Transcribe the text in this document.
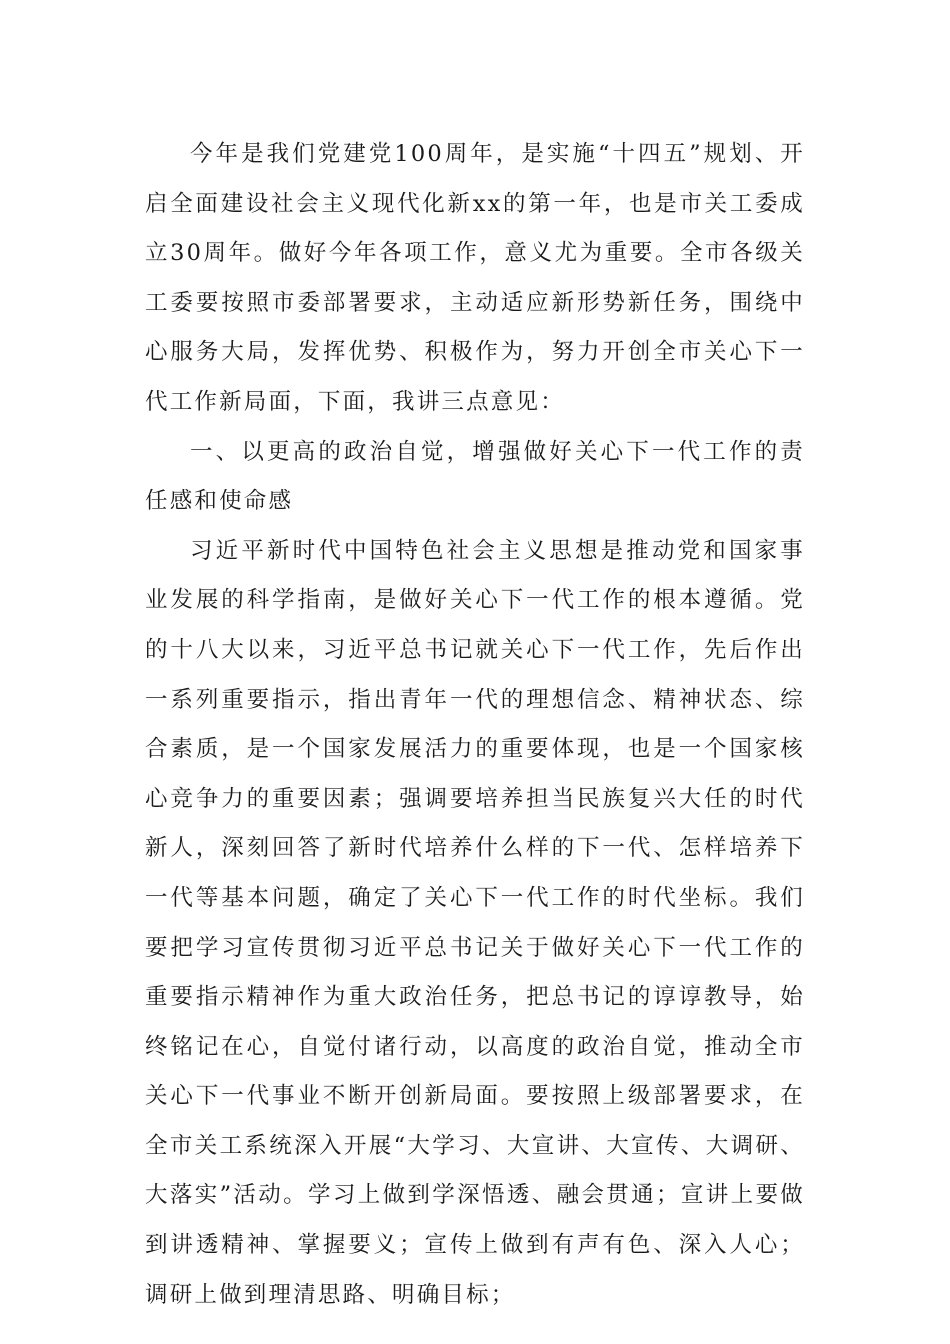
今年是我们党建党100周年，是实施“十四五”规划、开启全面建设社会主义现代化新xx的第一年，也是市关工委成立30周年。做好今年各项工作，意义尤为重要。全市各级关工委要按照市委部署要求，主动适应新形势新任务，围绕中心服务大局，发挥优势、积极作为，努力开创全市关心下一代工作新局面，下面，我讲三点意见：

一、以更高的政治自觉，增强做好关心下一代工作的责任感和使命感

习近平新时代中国特色社会主义思想是推动党和国家事业发展的科学指南，是做好关心下一代工作的根本遵循。党的十八大以来，习近平总书记就关心下一代工作，先后作出一系列重要指示，指出青年一代的理想信念、精神状态、综合素质，是一个国家发展活力的重要体现，也是一个国家核心竞争力的重要因素；强调要培养担当民族复兴大任的时代新人，深刻回答了新时代培养什么样的下一代、怎样培养下一代等基本问题，确定了关心下一代工作的时代坐标。我们要把学习宣传贯彻习近平总书记关于做好关心下一代工作的重要指示精神作为重大政治任务，把总书记的谆谆教导，始终铭记在心，自觉付诸行动，以高度的政治自觉，推动全市关心下一代事业不断开创新局面。要按照上级部署要求，在全市关工系统深入开展“大学习、大宣讲、大宣传、大调研、大落实”活动。学习上做到学深悟透、融会贯通；宣讲上要做到讲透精神、掌握要义；宣传上做到有声有色、深入人心；调研上做到理清思路、明确目标；
